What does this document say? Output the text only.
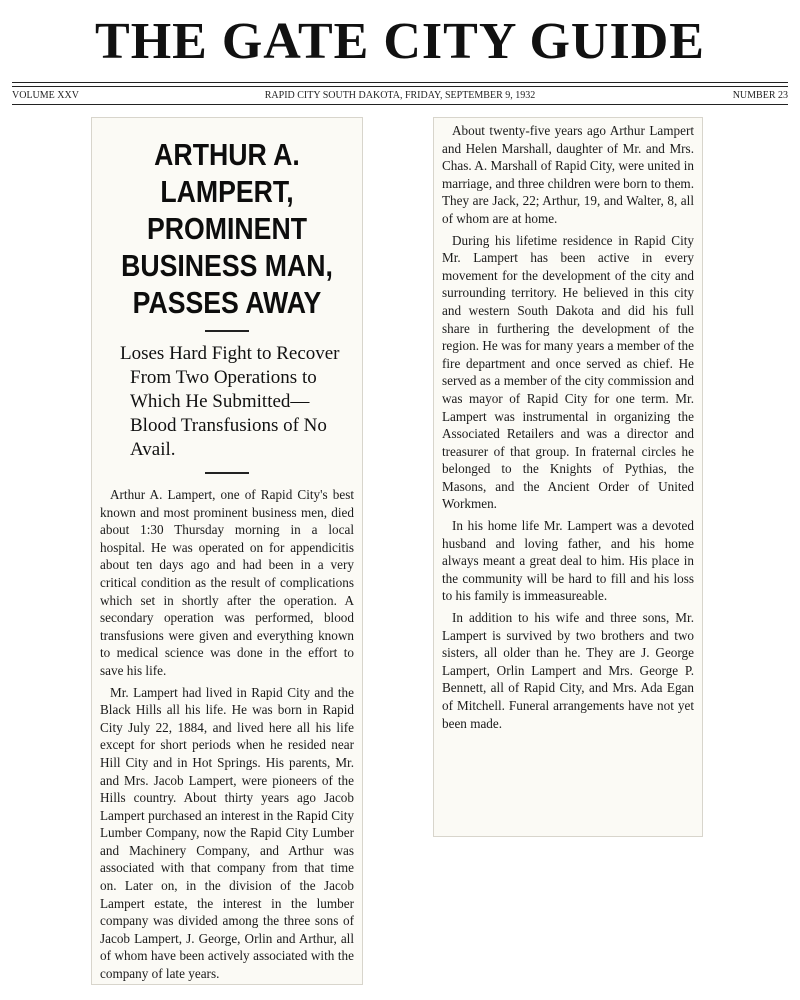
THE GATE CITY GUIDE
VOLUME XXV	RAPID CITY SOUTH DAKOTA, FRIDAY, SEPTEMBER 9, 1932	NUMBER 23
ARTHUR A. LAMPERT, PROMINENT BUSINESS MAN, PASSES AWAY
Loses Hard Fight to Recover From Two Operations to Which He Submitted—Blood Transfusions of No Avail.

Arthur A. Lampert, one of Rapid City's best known and most prominent business men, died about 1:30 Thursday morning in a local hospital. He was operated on for appendicitis about ten days ago and had been in a very critical condition as the result of complications which set in shortly after the operation. A secondary operation was performed, blood transfusions were given and everything known to medical science was done in the effort to save his life.

Mr. Lampert had lived in Rapid City and the Black Hills all his life. He was born in Rapid City July 22, 1884, and lived here all his life except for short periods when he resided near Hill City and in Hot Springs. His parents, Mr. and Mrs. Jacob Lampert, were pioneers of the Hills country. About thirty years ago Jacob Lampert purchased an interest in the Rapid City Lumber Company, now the Rapid City Lumber and Machinery Company, and Arthur was associated with that company from that time on. Later on, in the division of the Jacob Lampert estate, the interest in the lumber company was divided among the three sons of Jacob Lampert, J. George, Orlin and Arthur, all of whom have been actively associated with the company of late years.

About twenty-five years ago Arthur Lampert and Helen Marshall, daughter of Mr. and Mrs. Chas. A. Marshall of Rapid City, were united in marriage, and three children were born to them. They are Jack, 22; Arthur, 19, and Walter, 8, all of whom are at home.

During his lifetime residence in Rapid City Mr. Lampert has been active in every movement for the development of the city and surrounding territory. He believed in this city and western South Dakota and did his full share in furthering the development of the region. He was for many years a member of the fire department and once served as chief. He served as a member of the city commission and was mayor of Rapid City for one term. Mr. Lampert was instrumental in organizing the Associated Retailers and was a director and treasurer of that group. In fraternal circles he belonged to the Knights of Pythias, the Masons, and the Ancient Order of United Workmen.

In his home life Mr. Lampert was a devoted husband and loving father, and his home always meant a great deal to him. His place in the community will be hard to fill and his loss to his family is immeasureable.

In addition to his wife and three sons, Mr. Lampert is survived by two brothers and two sisters, all older than he. They are J. George Lampert, Orlin Lampert and Mrs. George P. Bennett, all of Rapid City, and Mrs. Ada Egan of Mitchell. Funeral arrangements have not yet been made.
